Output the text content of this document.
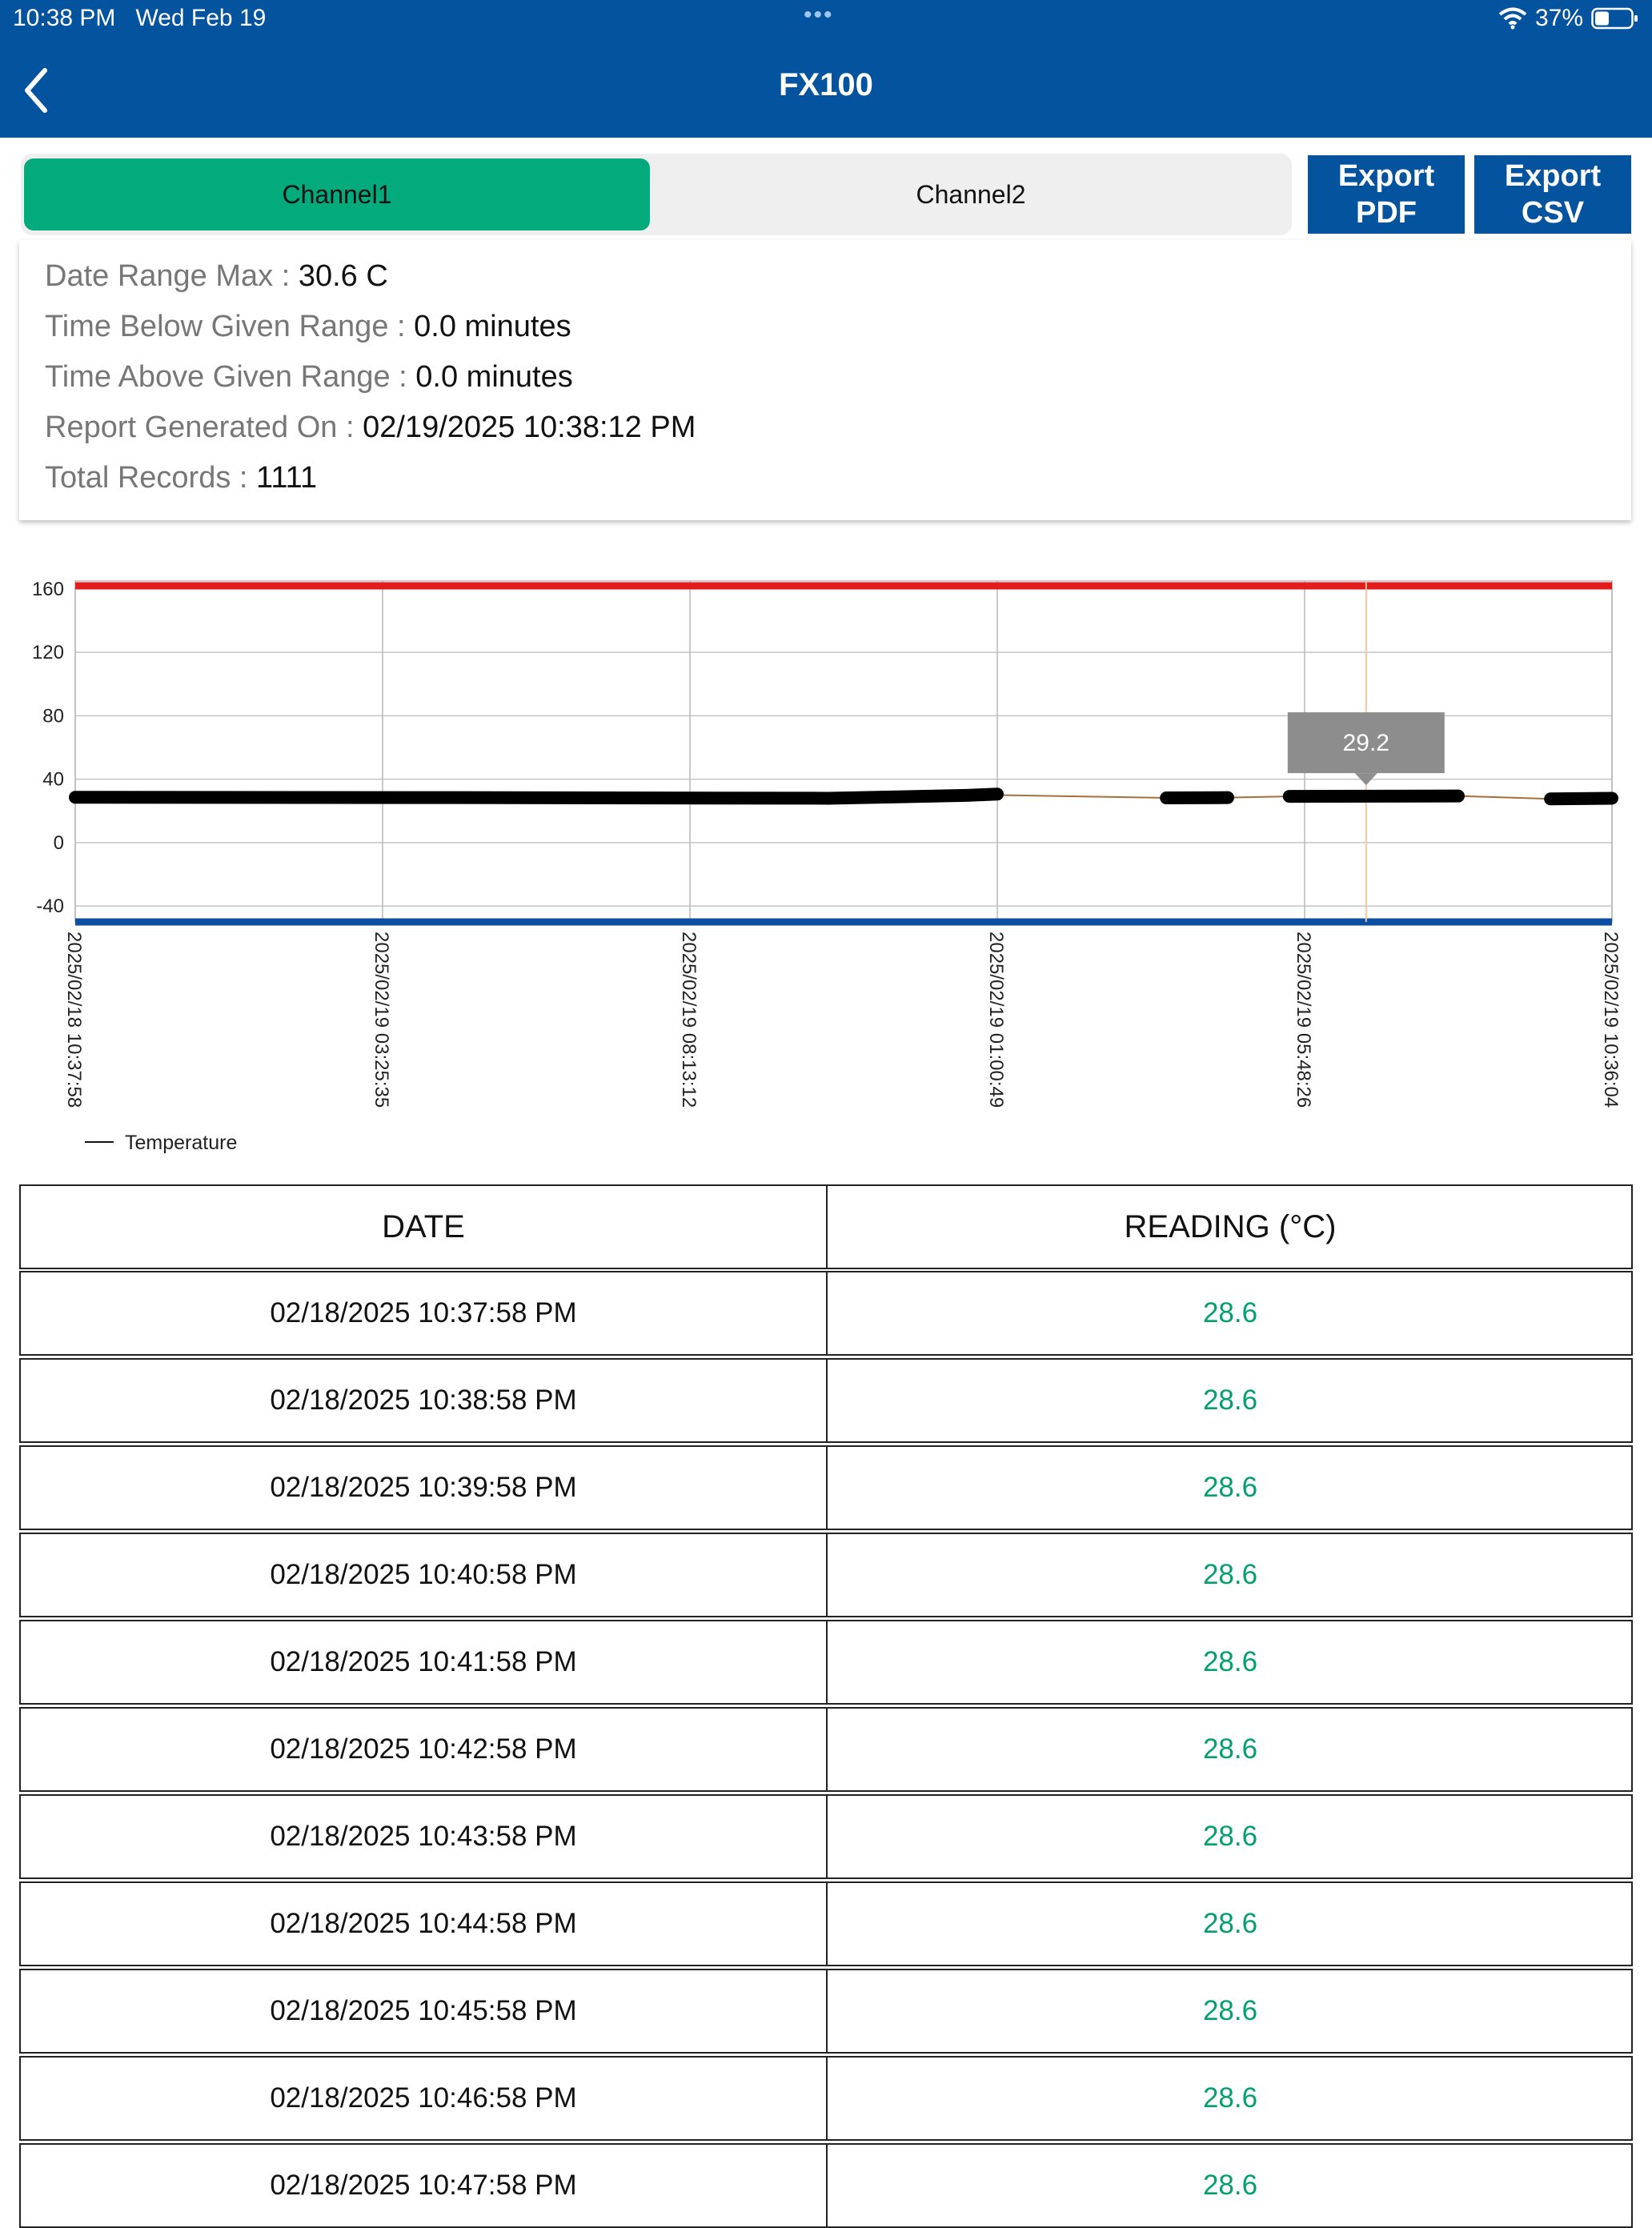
10:38 PM Wed Feb 19	•••	37%
FX100
Channel1	Channel2
Export
PDF
Export
CSV
Date Range Max : 30.6 C
Time Below Given Range : 0.0 minutes
Time Above Given Range : 0.0 minutes
Report Generated On : 02/19/2025 10:38:12 PM
Total Records : 1111
160
120
80
40
0
-40
2025/02/18 10:37:58	2025/02/19 03:25:35	2025/02/19 08:13:12	2025/02/19 01:00:49	2025/02/19 05:48:26	2025/02/19 10:36:04
29.2
Temperature
DATE	READING (°C)
02/18/2025 10:37:58 PM	28.6
02/18/2025 10:38:58 PM	28.6
02/18/2025 10:39:58 PM	28.6
02/18/2025 10:40:58 PM	28.6
02/18/2025 10:41:58 PM	28.6
02/18/2025 10:42:58 PM	28.6
02/18/2025 10:43:58 PM	28.6
02/18/2025 10:44:58 PM	28.6
02/18/2025 10:45:58 PM	28.6
02/18/2025 10:46:58 PM	28.6
02/18/2025 10:47:58 PM	28.6
